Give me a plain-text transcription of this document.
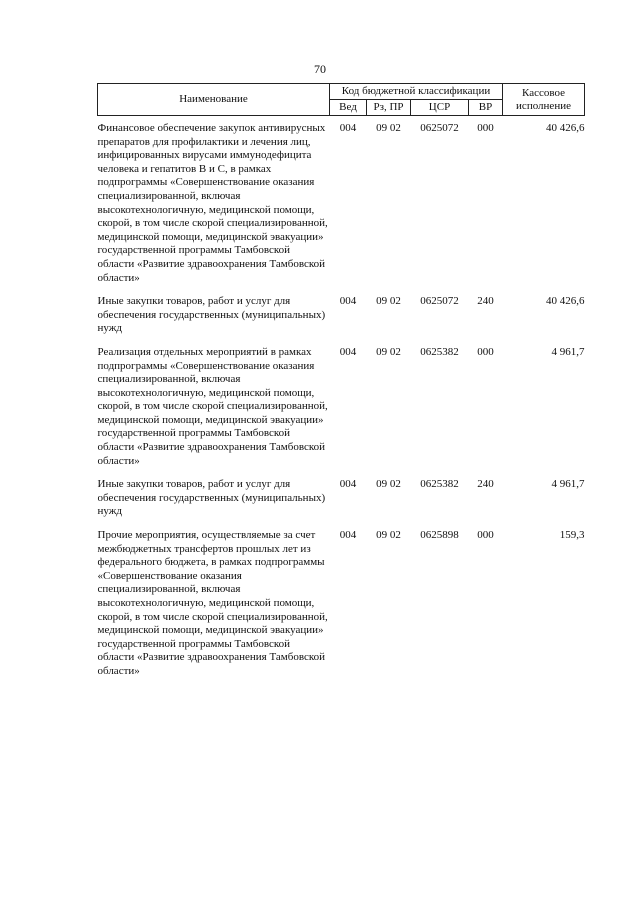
70
Наименование	Код бюджетной классификации				Кассовое
исполнение
	Вед	Рз, ПР	ЦСР	ВР	

Финансовое обеспечение закупок антивирусных препаратов для профилактики и лечения лиц, инфицированных вирусами иммунодефицита человека и гепатитов В и С, в рамках подпрограммы «Совершенствование оказания специализированной, включая высокотехнологичную, медицинской помощи, скорой, в том числе скорой специализированной, медицинской помощи, медицинской эвакуации» государственной программы Тамбовской области «Развитие здравоохранения Тамбовской области»	004	09 02	0625072	000	40 426,6

Иные закупки товаров, работ и услуг для обеспечения государственных (муниципальных) нужд	004	09 02	0625072	240	40 426,6

Реализация отдельных мероприятий в рамках подпрограммы «Совершенствование оказания специализированной, включая высокотехнологичную, медицинской помощи, скорой, в том числе скорой специализированной, медицинской помощи, медицинской эвакуации» государственной программы Тамбовской области «Развитие здравоохранения Тамбовской области»	004	09 02	0625382	000	4 961,7

Иные закупки товаров, работ и услуг для обеспечения государственных (муниципальных) нужд	004	09 02	0625382	240	4 961,7

Прочие мероприятия, осуществляемые за счет межбюджетных трансфертов прошлых лет из федерального бюджета, в рамках подпрограммы «Совершенствование оказания специализированной, включая высокотехнологичную, медицинской помощи, скорой, в том числе скорой специализированной, медицинской помощи, медицинской эвакуации» государственной программы Тамбовской области «Развитие здравоохранения Тамбовской области»	004	09 02	0625898	000	159,3
